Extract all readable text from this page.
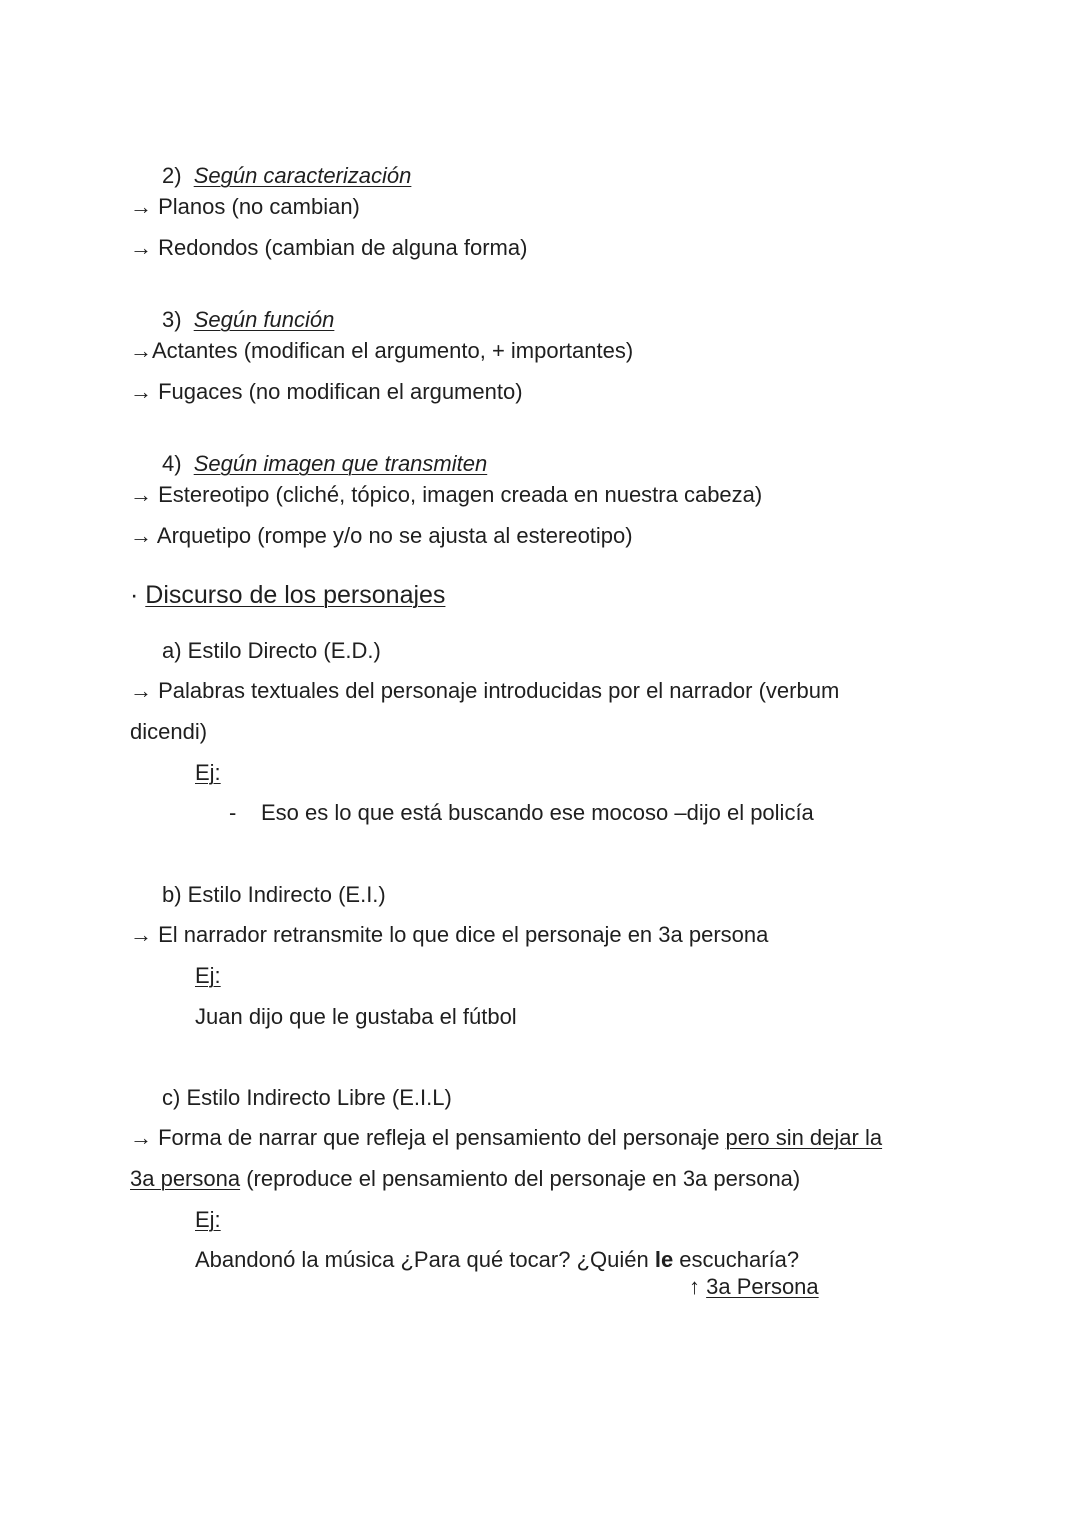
2) Según caracterización
→ Planos (no cambian)
→ Redondos (cambian de alguna forma)
3) Según función
→Actantes (modifican el argumento, + importantes)
→ Fugaces (no modifican el argumento)
4) Según imagen que transmiten
→ Estereotipo (cliché, tópico, imagen creada en nuestra cabeza)
→ Arquetipo (rompe y/o no se ajusta al estereotipo)
· Discurso de los personajes
a) Estilo Directo (E.D.)
→ Palabras textuales del personaje introducidas por el narrador (verbum
dicendi)
Ej:
- Eso es lo que está buscando ese mocoso –dijo el policía
b) Estilo Indirecto (E.I.)
→ El narrador retransmite lo que dice el personaje en 3a persona
Ej:
Juan dijo que le gustaba el fútbol
c) Estilo Indirecto Libre (E.I.L)
→ Forma de narrar que refleja el pensamiento del personaje pero sin dejar la
3a persona (reproduce el pensamiento del personaje en 3a persona)
Ej:
Abandonó la música ¿Para qué tocar? ¿Quién le escucharía?
↑ 3a Persona
